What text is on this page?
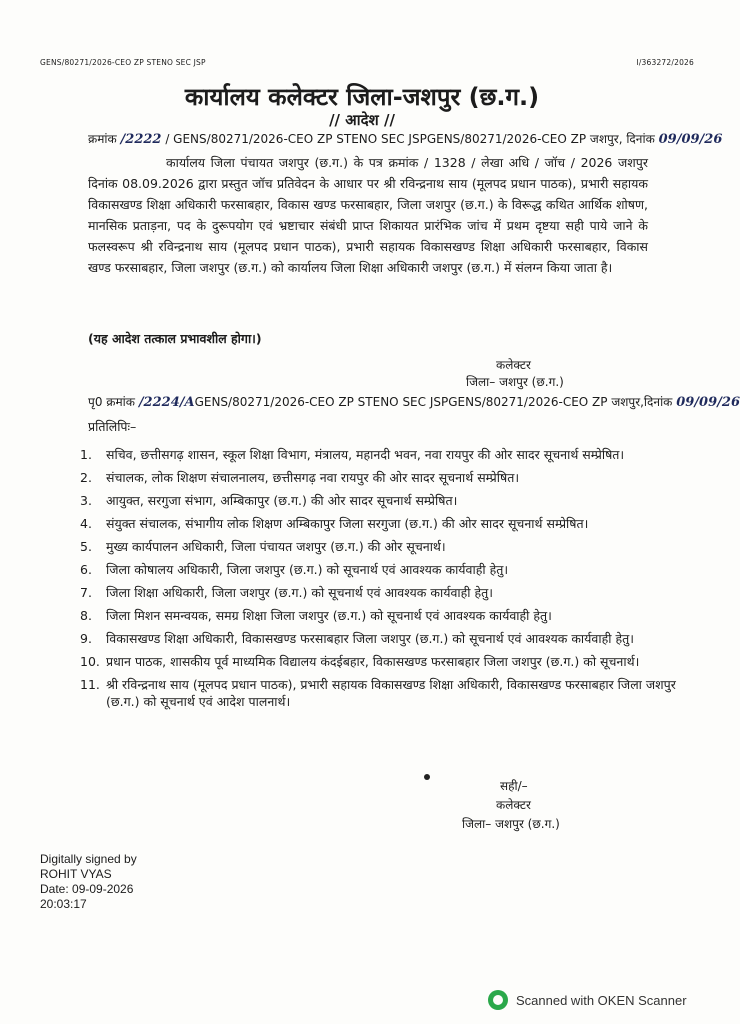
GENS/80271/2026-CEO ZP STENO SEC JSP	I/363272/2026
कार्यालय कलेक्टर जिला-जशपुर (छ.ग.)
// आदेश //
क्रमांक /2222 / GENS/80271/2026-CEO ZP STENO SEC JSPGENS/80271/2026-CEO ZP जशपुर, दिनांक 09/09/26
कार्यालय जिला पंचायत जशपुर (छ.ग.) के पत्र क्रमांक / 1328 / लेखा अधि / जॉच / 2026 जशपुर दिनांक 08.09.2026 द्वारा प्रस्तुत जॉच प्रतिवेदन के आधार पर श्री रविन्द्रनाथ साय (मूलपद प्रधान पाठक), प्रभारी सहायक विकासखण्ड शिक्षा अधिकारी फरसाबहार, विकास खण्ड फरसाबहार, जिला जशपुर (छ.ग.) के विरूद्ध कथित आर्थिक शोषण, मानसिक प्रताड़ना, पद के दुरूपयोग एवं भ्रष्टाचार संबंधी प्राप्त शिकायत प्रारंभिक जांच में प्रथम दृष्टया सही पाये जाने के फलस्वरूप श्री रविन्द्रनाथ साय (मूलपद प्रधान पाठक), प्रभारी सहायक विकासखण्ड शिक्षा अधिकारी फरसाबहार, विकास खण्ड फरसाबहार, जिला जशपुर (छ.ग.) को कार्यालय जिला शिक्षा अधिकारी जशपुर (छ.ग.) में संलग्न किया जाता है।
(यह आदेश तत्काल प्रभावशील होगा।)
कलेक्टर
जिला– जशपुर (छ.ग.)
पृ0 क्रमांक /2224/AGENS/80271/2026-CEO ZP STENO SEC JSPGENS/80271/2026-CEO ZP जशपुर,दिनांक 09/09/26
प्रतिलिपिः–
1. सचिव, छत्तीसगढ़ शासन, स्कूल शिक्षा विभाग, मंत्रालय, महानदी भवन, नवा रायपुर की ओर सादर सूचनार्थ सम्प्रेषित।
2. संचालक, लोक शिक्षण संचालनालय, छत्तीसगढ़ नवा रायपुर की ओर सादर सूचनार्थ सम्प्रेषित।
3. आयुक्त, सरगुजा संभाग, अम्बिकापुर (छ.ग.) की ओर सादर सूचनार्थ सम्प्रेषित।
4. संयुक्त संचालक, संभागीय लोक शिक्षण अम्बिकापुर जिला सरगुजा (छ.ग.) की ओर सादर सूचनार्थ सम्प्रेषित।
5. मुख्य कार्यपालन अधिकारी, जिला पंचायत जशपुर (छ.ग.) की ओर सूचनार्थ।
6. जिला कोषालय अधिकारी, जिला जशपुर (छ.ग.) को सूचनार्थ एवं आवश्यक कार्यवाही हेतु।
7. जिला शिक्षा अधिकारी, जिला जशपुर (छ.ग.) को सूचनार्थ एवं आवश्यक कार्यवाही हेतु।
8. जिला मिशन समन्वयक, समग्र शिक्षा जिला जशपुर (छ.ग.) को सूचनार्थ एवं आवश्यक कार्यवाही हेतु।
9. विकासखण्ड शिक्षा अधिकारी, विकासखण्ड फरसाबहार जिला जशपुर (छ.ग.) को सूचनार्थ एवं आवश्यक कार्यवाही हेतु।
10. प्रधान पाठक, शासकीय पूर्व माध्यमिक विद्यालय कंदईबहार, विकासखण्ड फरसाबहार जिला जशपुर (छ.ग.) को सूचनार्थ।
11. श्री रविन्द्रनाथ साय (मूलपद प्रधान पाठक), प्रभारी सहायक विकासखण्ड शिक्षा अधिकारी, विकासखण्ड फरसाबहार जिला जशपुर (छ.ग.) को सूचनार्थ एवं आदेश पालनार्थ।
सही/–
कलेक्टर
जिला– जशपुर (छ.ग.)
Digitally signed by
ROHIT VYAS
Date: 09-09-2026
20:03:17
Scanned with OKEN Scanner
